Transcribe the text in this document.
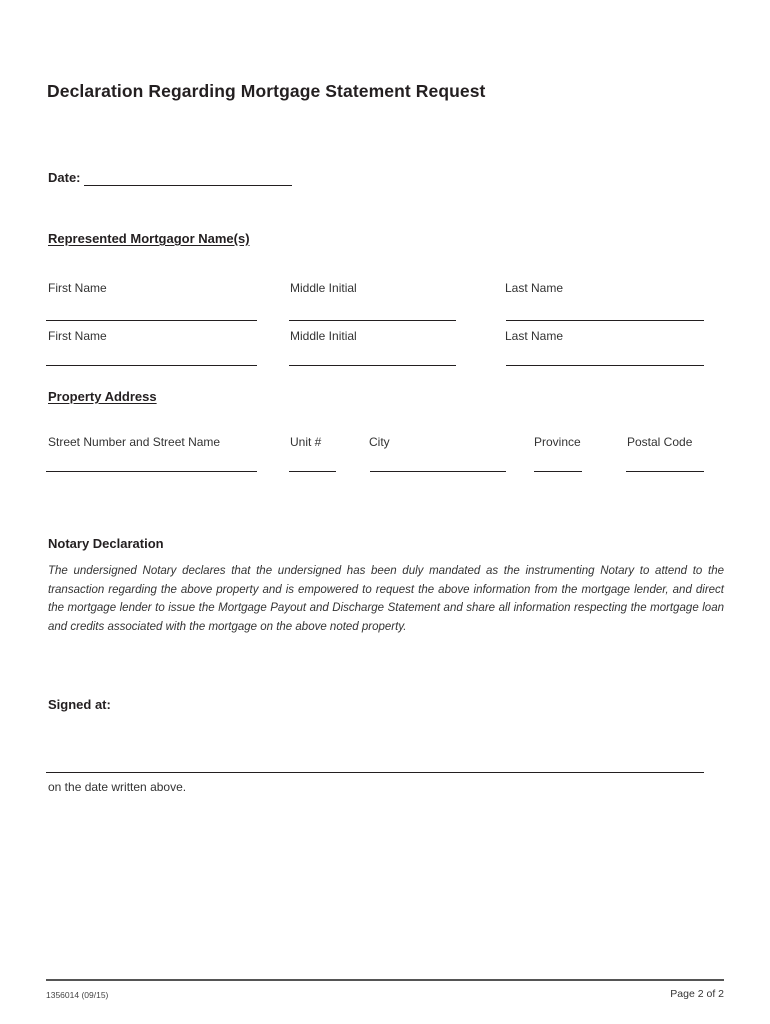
Declaration Regarding Mortgage Statement Request
Date:
Represented Mortgagor Name(s)
First Name	Middle Initial	Last Name
First Name	Middle Initial	Last Name
Property Address
Street Number and Street Name	Unit #	City	Province	Postal Code
Notary Declaration
The undersigned Notary declares that the undersigned has been duly mandated as the instrumenting Notary to attend to the transaction regarding the above property and is empowered to request the above information from the mortgage lender, and direct the mortgage lender to issue the Mortgage Payout and Discharge Statement and share all information respecting the mortgage loan and credits associated with the mortgage on the above noted property.
Signed at:
on the date written above.
1356014 (09/15)	Page 2 of 2
